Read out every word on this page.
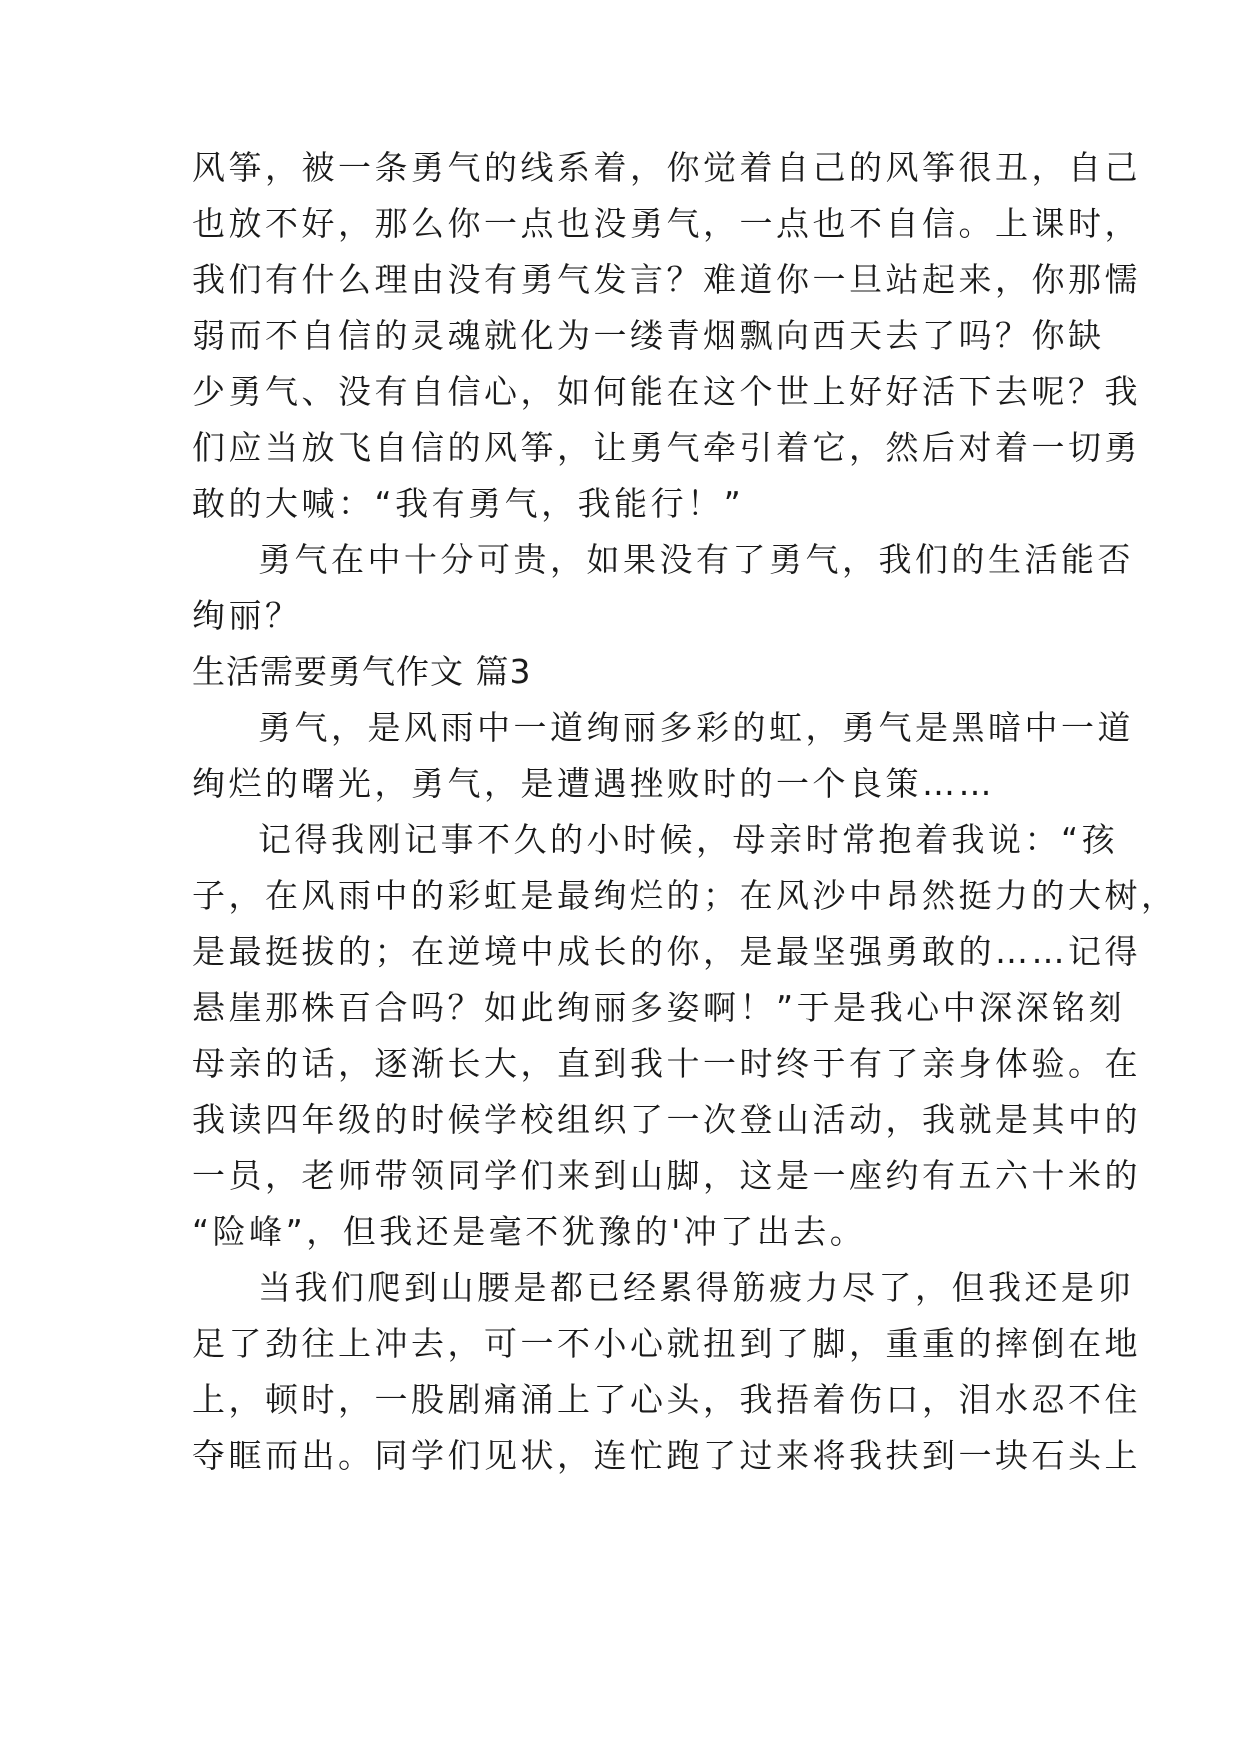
风筝，被一条勇气的线系着，你觉着自己的风筝很丑，自己
也放不好，那么你一点也没勇气，一点也不自信。上课时，
我们有什么理由没有勇气发言？难道你一旦站起来，你那懦
弱而不自信的灵魂就化为一缕青烟飘向西天去了吗？你缺
少勇气、没有自信心，如何能在这个世上好好活下去呢？我
们应当放飞自信的风筝，让勇气牵引着它，然后对着一切勇
敢的大喊：“我有勇气，我能行！”
勇气在中十分可贵，如果没有了勇气，我们的生活能否
绚丽？
生活需要勇气作文 篇3
勇气，是风雨中一道绚丽多彩的虹，勇气是黑暗中一道
绚烂的曙光，勇气，是遭遇挫败时的一个良策……
记得我刚记事不久的小时候，母亲时常抱着我说：“孩
子，在风雨中的彩虹是最绚烂的；在风沙中昂然挺力的大树，
是最挺拔的；在逆境中成长的你，是最坚强勇敢的……记得
悬崖那株百合吗？如此绚丽多姿啊！”于是我心中深深铭刻
母亲的话，逐渐长大，直到我十一时终于有了亲身体验。在
我读四年级的时候学校组织了一次登山活动，我就是其中的
一员，老师带领同学们来到山脚，这是一座约有五六十米的
“险峰”，但我还是毫不犹豫的'冲了出去。
当我们爬到山腰是都已经累得筋疲力尽了，但我还是卯
足了劲往上冲去，可一不小心就扭到了脚，重重的摔倒在地
上，顿时，一股剧痛涌上了心头，我捂着伤口，泪水忍不住
夺眶而出。同学们见状，连忙跑了过来将我扶到一块石头上
